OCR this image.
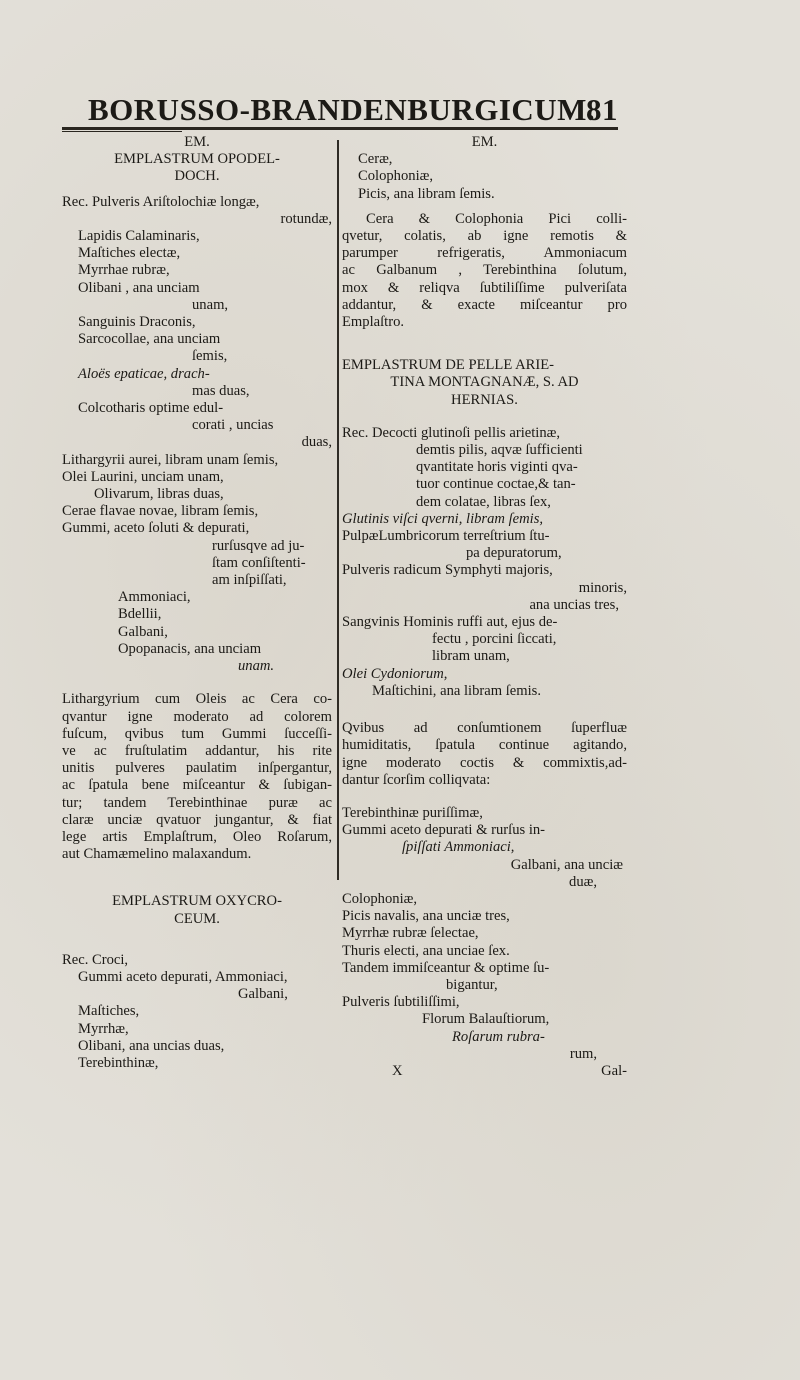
BORUSSO-BRANDENBURGICUM.
81
EM.
EMPLASTRUM OPODEL-
DOCH.
Rec. Pulveris Ariſtolochiæ longæ,
rotundæ,
Lapidis Calaminaris,
Maſtiches electæ,
Myrrhae rubræ,
Olibani , ana unciam
unam,
Sanguinis Draconis,
Sarcocollae, ana unciam
ſemis,
Aloës epaticae, drach-
mas duas,
Colcotharis optime edul-
corati , uncias
duas,
Lithargyrii aurei, libram unam ſemis,
Olei Laurini, unciam unam,
Olivarum, libras duas,
Cerae flavae novae, libram ſemis,
Gummi, aceto ſoluti & depurati,
rurſusqve ad ju-
ſtam conſiſtenti-
am inſpiſſati,
Ammoniaci,
Bdellii,
Galbani,
Opopanacis, ana unciam
unam.
Lithargyrium cum Oleis ac Cera co-
qvantur igne moderato ad colorem
fuſcum, qvibus tum Gummi ſucceſſi-
ve ac fruſtulatim addantur, his rite
unitis pulveres paulatim inſpergantur,
ac ſpatula bene miſceantur & ſubigan-
tur; tandem Terebinthinae puræ ac
claræ unciæ qvatuor jungantur, & fiat
lege artis Emplaſtrum, Oleo Roſarum,
aut Chamæmelino malaxandum.
EMPLASTRUM OXYCRO-
CEUM.
Rec. Croci,
Gummi aceto depurati, Ammoniaci,
Galbani,
Maſtiches,
Myrrhæ,
Olibani, ana uncias duas,
Terebinthinæ,
EM.
Ceræ,
Colophoniæ,
Picis, ana libram ſemis.
Cera & Colophonia Pici colli-
qvetur, colatis, ab igne remotis &
parumper refrigeratis, Ammoniacum
ac Galbanum , Terebinthina ſolutum,
mox & reliqva ſubtiliſſime pulveriſata
addantur, & exacte miſceantur pro
Emplaſtro.
EMPLASTRUM DE PELLE ARIE-
TINA MONTAGNANÆ, S. AD
HERNIAS.
Rec. Decocti glutinoſi pellis arietinæ,
demtis pilis, aqvæ ſufficienti
qvantitate horis viginti qva-
tuor continue coctae,& tan-
dem colatae, libras ſex,
Glutinis viſci qverni, libram ſemis,
PulpæLumbricorum terreſtrium ſtu-
pa depuratorum,
Pulveris radicum Symphyti majoris,
minoris,
ana uncias tres,
Sangvinis Hominis ruffi aut, ejus de-
fectu , porcini ſiccati,
libram unam,
Olei Cydoniorum,
Maſtichini, ana libram ſemis.
Qvibus ad conſumtionem ſuperfluæ
humiditatis, ſpatula continue agitando,
igne moderato coctis & commixtis,ad-
dantur ſcorſim colliqvata:
Terebinthinæ puriſſimæ,
Gummi aceto depurati & rurſus in-
ſpiſſati Ammoniaci,
Galbani, ana unciæ
duæ,
Colophoniæ,
Picis navalis, ana unciæ tres,
Myrrhæ rubræ ſelectae,
Thuris electi, ana unciae ſex.
Tandem immiſceantur & optime ſu-
bigantur,
Pulveris ſubtiliſſimi,
Florum Balauſtiorum,
Roſarum rubra-
rum,
X	Gal-
